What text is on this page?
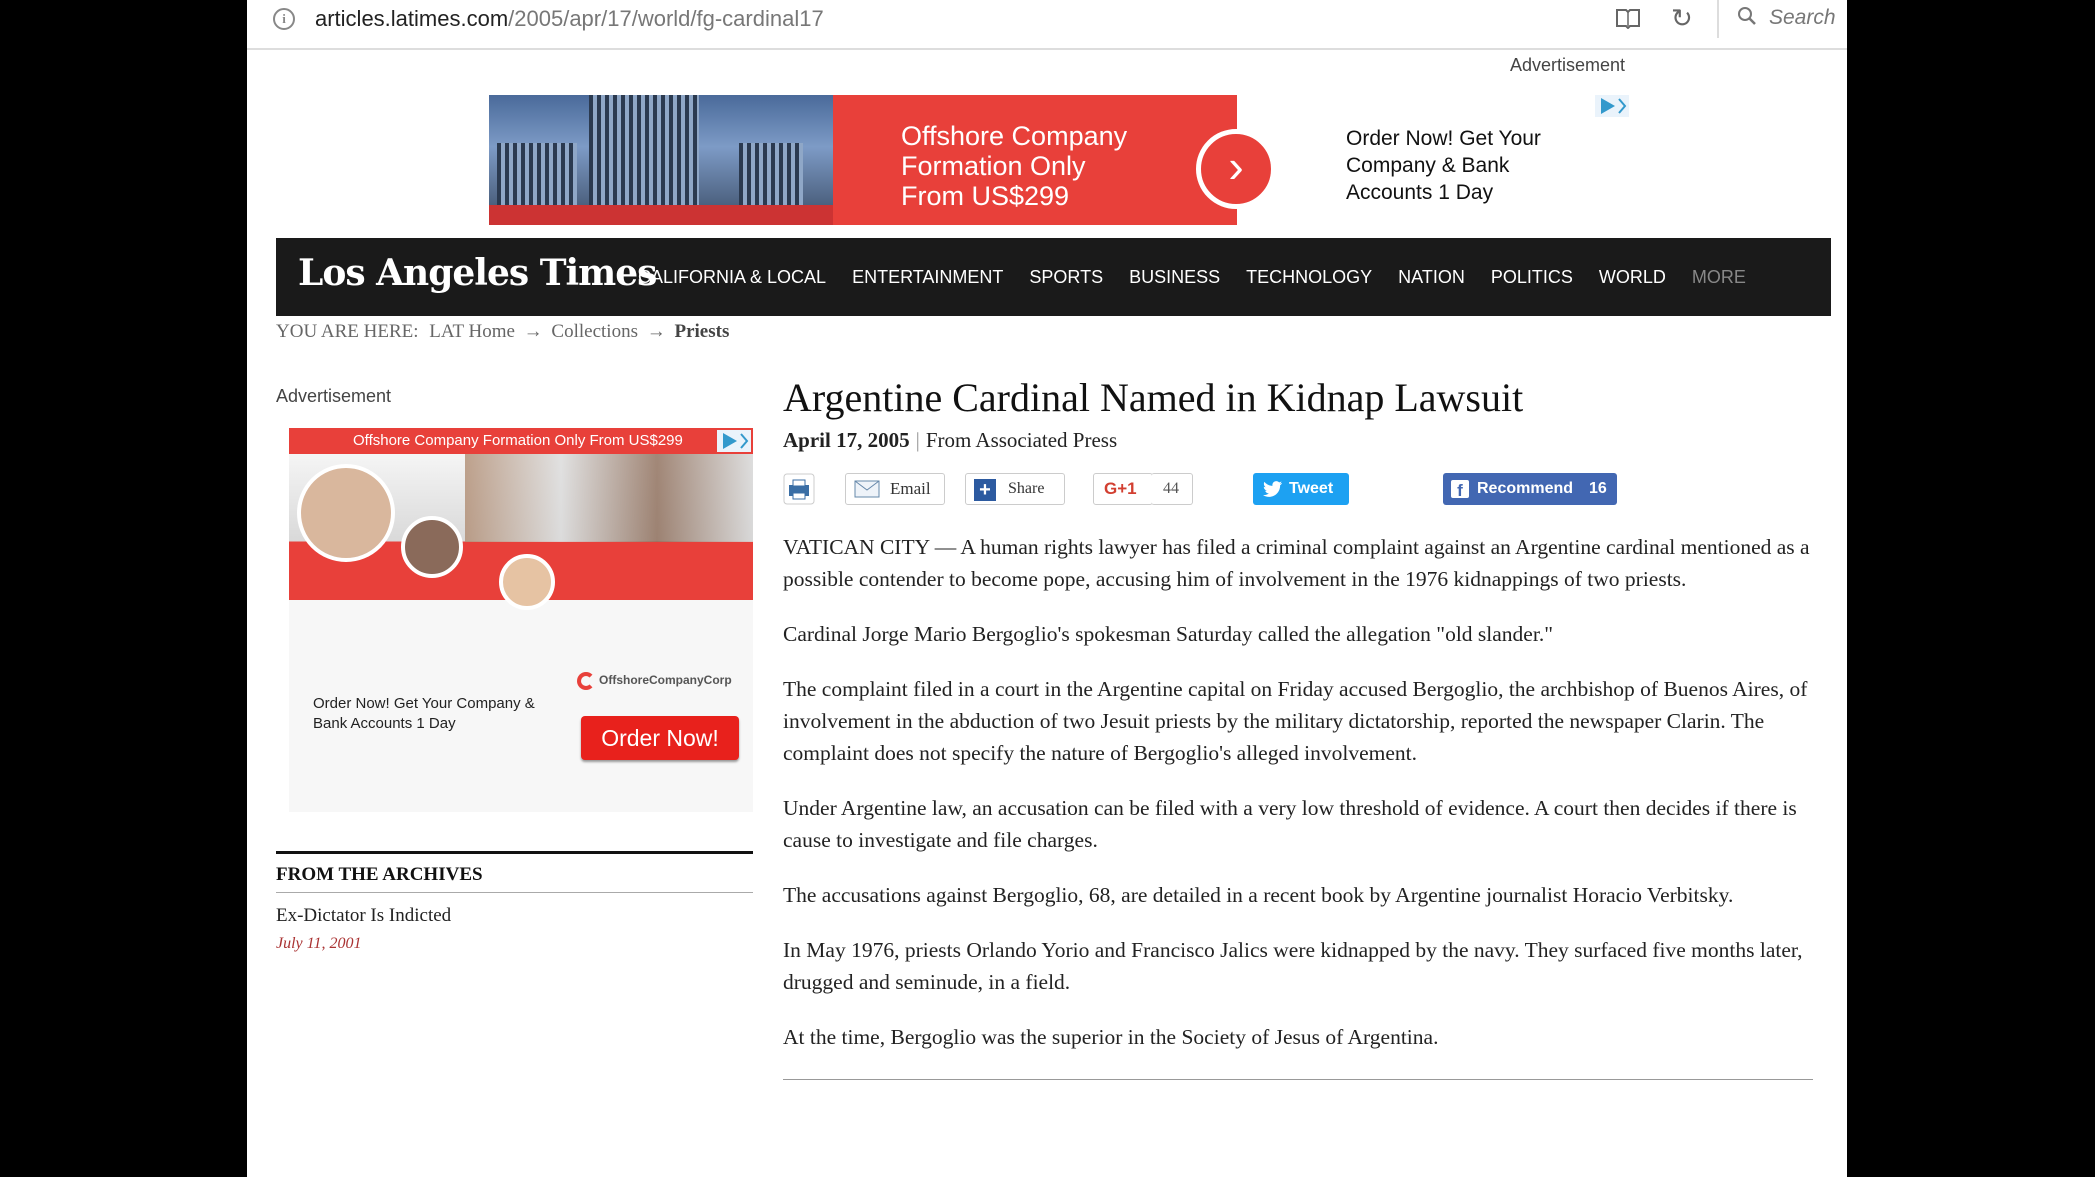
i	articles.latimes.com/2005/apr/17/world/fg-cardinal17	↻	Search
Advertisement
Offshore Company
Formation Only
From US$299
›
Order Now! Get Your
Company & Bank
Accounts 1 Day
Los Angeles Times
CALIFORNIA & LOCAL ENTERTAINMENT SPORTS BUSINESS TECHNOLOGY NATION POLITICS WORLD MORE
YOU ARE HERE: LAT Home → Collections → Priests
Advertisement
Offshore Company Formation Only From US$299
OffshoreCompanyCorp
Order Now! Get Your Company &
Bank Accounts 1 Day
Order Now!
FROM THE ARCHIVES
Ex-Dictator Is Indicted
July 11, 2001
Argentine Cardinal Named in Kidnap Lawsuit
April 17, 2005 | From Associated Press
Email +	Share	G+1 44	Tweet	f Recommend 16

VATICAN CITY — A human rights lawyer has filed a criminal complaint against an Argentine cardinal mentioned as a possible contender to become pope, accusing him of involvement in the 1976 kidnappings of two priests.

Cardinal Jorge Mario Bergoglio's spokesman Saturday called the allegation "old slander."

The complaint filed in a court in the Argentine capital on Friday accused Bergoglio, the archbishop of Buenos Aires, of involvement in the abduction of two Jesuit priests by the military dictatorship, reported the newspaper Clarin. The complaint does not specify the nature of Bergoglio's alleged involvement.

Under Argentine law, an accusation can be filed with a very low threshold of evidence. A court then decides if there is cause to investigate and file charges.

The accusations against Bergoglio, 68, are detailed in a recent book by Argentine journalist Horacio Verbitsky.

In May 1976, priests Orlando Yorio and Francisco Jalics were kidnapped by the navy. They surfaced five months later, drugged and seminude, in a field.

At the time, Bergoglio was the superior in the Society of Jesus of Argentina.
